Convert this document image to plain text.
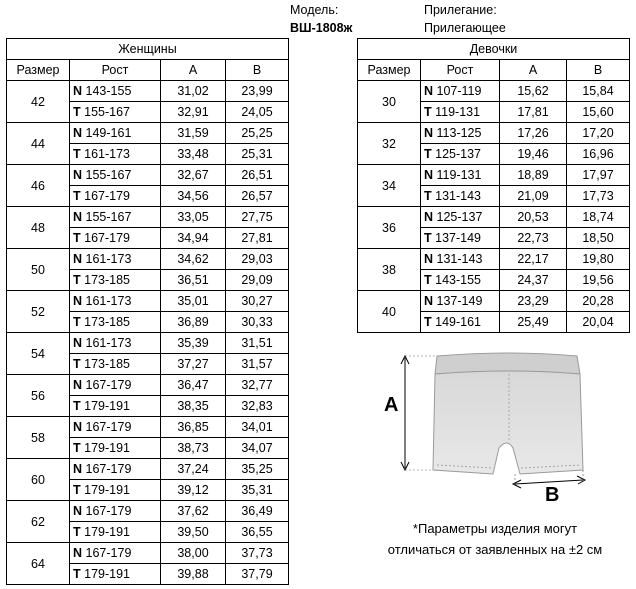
Модель:
ВШ-1808ж
Прилегание:
Прилегающее
Женщины			
Размер	Рост	A	B
42	N 143-155	31,02	23,99
	T 155-167	32,91	24,05
44	N 149-161	31,59	25,25
	T 161-173	33,48	25,31
46	N 155-167	32,67	26,51
	T 167-179	34,56	26,57
48	N 155-167	33,05	27,75
	T 167-179	34,94	27,81
50	N 161-173	34,62	29,03
	T 173-185	36,51	29,09
52	N 161-173	35,01	30,27
	T 173-185	36,89	30,33
54	N 161-173	35,39	31,51
	T 173-185	37,27	31,57
56	N 167-179	36,47	32,77
	T 179-191	38,35	32,83
58	N 167-179	36,85	34,01
	T 179-191	38,73	34,07
60	N 167-179	37,24	35,25
	T 179-191	39,12	35,31
62	N 167-179	37,62	36,49
	T 179-191	39,50	36,55
64	N 167-179	38,00	37,73
	T 179-191	39,88	37,79
Девочки			
Размер	Рост	A	B
30	N 107-119	15,62	15,84
	T 119-131	17,81	15,60
32	N 113-125	17,26	17,20
	T 125-137	19,46	16,96
34	N 119-131	18,89	17,97
	T 131-143	21,09	17,73
36	N 125-137	20,53	18,74
	T 137-149	22,73	18,50
38	N 131-143	22,17	19,80
	T 143-155	24,37	19,56
40	N 137-149	23,29	20,28
	T 149-161	25,49	20,04
A
B
*Параметры изделия могут
отличаться от заявленных на ±2 см
